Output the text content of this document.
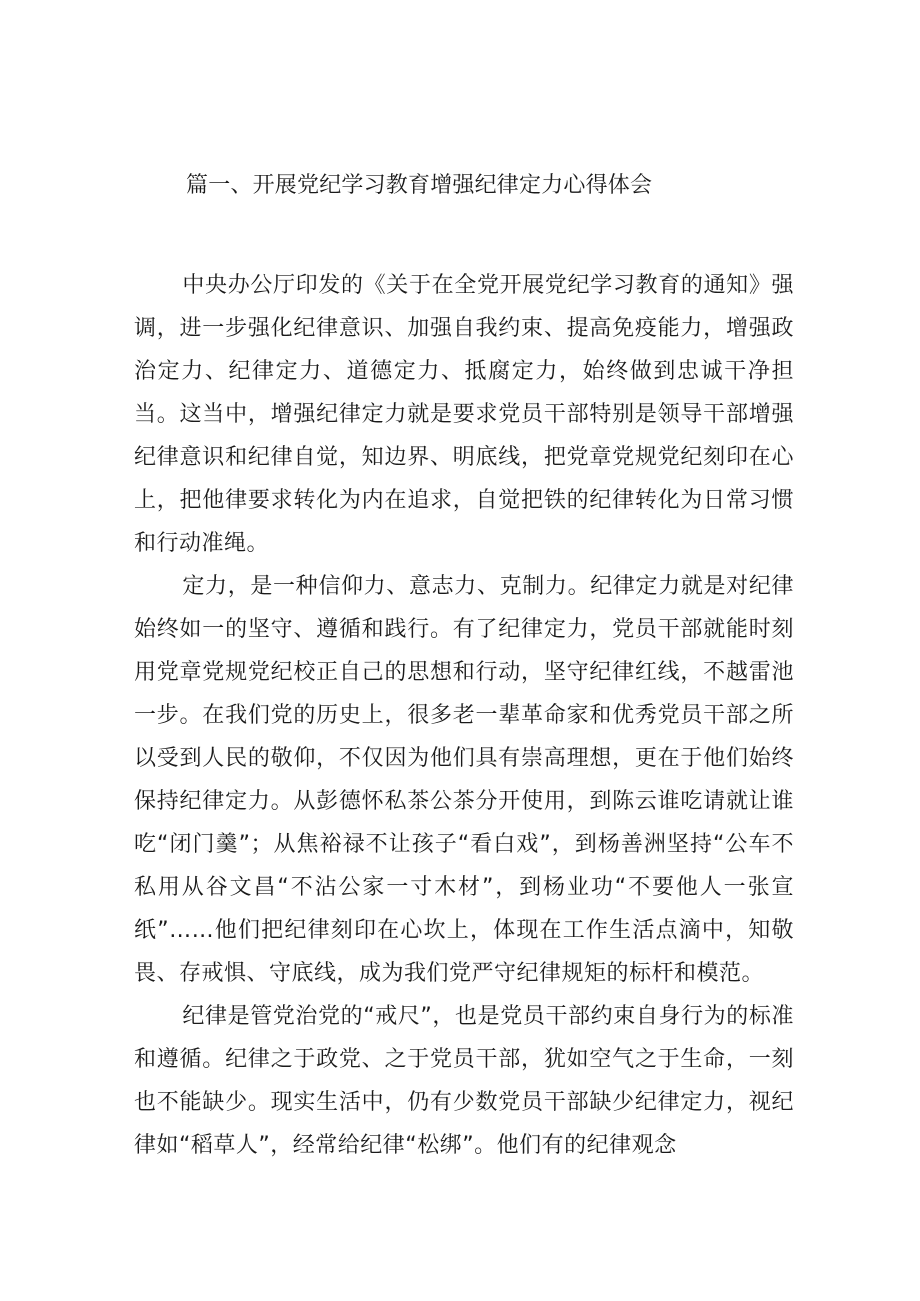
篇一、开展党纪学习教育增强纪律定力心得体会

中央办公厅印发的《关于在全党开展党纪学习教育的通知》强调，进一步强化纪律意识、加强自我约束、提高免疫能力，增强政治定力、纪律定力、道德定力、抵腐定力，始终做到忠诚干净担当。这当中，增强纪律定力就是要求党员干部特别是领导干部增强纪律意识和纪律自觉，知边界、明底线，把党章党规党纪刻印在心上，把他律要求转化为内在追求，自觉把铁的纪律转化为日常习惯和行动准绳。

定力，是一种信仰力、意志力、克制力。纪律定力就是对纪律始终如一的坚守、遵循和践行。有了纪律定力，党员干部就能时刻用党章党规党纪校正自己的思想和行动，坚守纪律红线，不越雷池一步。在我们党的历史上，很多老一辈革命家和优秀党员干部之所以受到人民的敬仰，不仅因为他们具有崇高理想，更在于他们始终保持纪律定力。从彭德怀私茶公茶分开使用，到陈云谁吃请就让谁吃“闭门羹”；从焦裕禄不让孩子“看白戏”，到杨善洲坚持“公车不私用从谷文昌“不沾公家一寸木材”，到杨业功“不要他人一张宣纸”……他们把纪律刻印在心坎上，体现在工作生活点滴中，知敬畏、存戒惧、守底线，成为我们党严守纪律规矩的标杆和模范。

纪律是管党治党的“戒尺”，也是党员干部约束自身行为的标准和遵循。纪律之于政党、之于党员干部，犹如空气之于生命，一刻也不能缺少。现实生活中，仍有少数党员干部缺少纪律定力，视纪律如“稻草人”，经常给纪律“松绑”。他们有的纪律观念
